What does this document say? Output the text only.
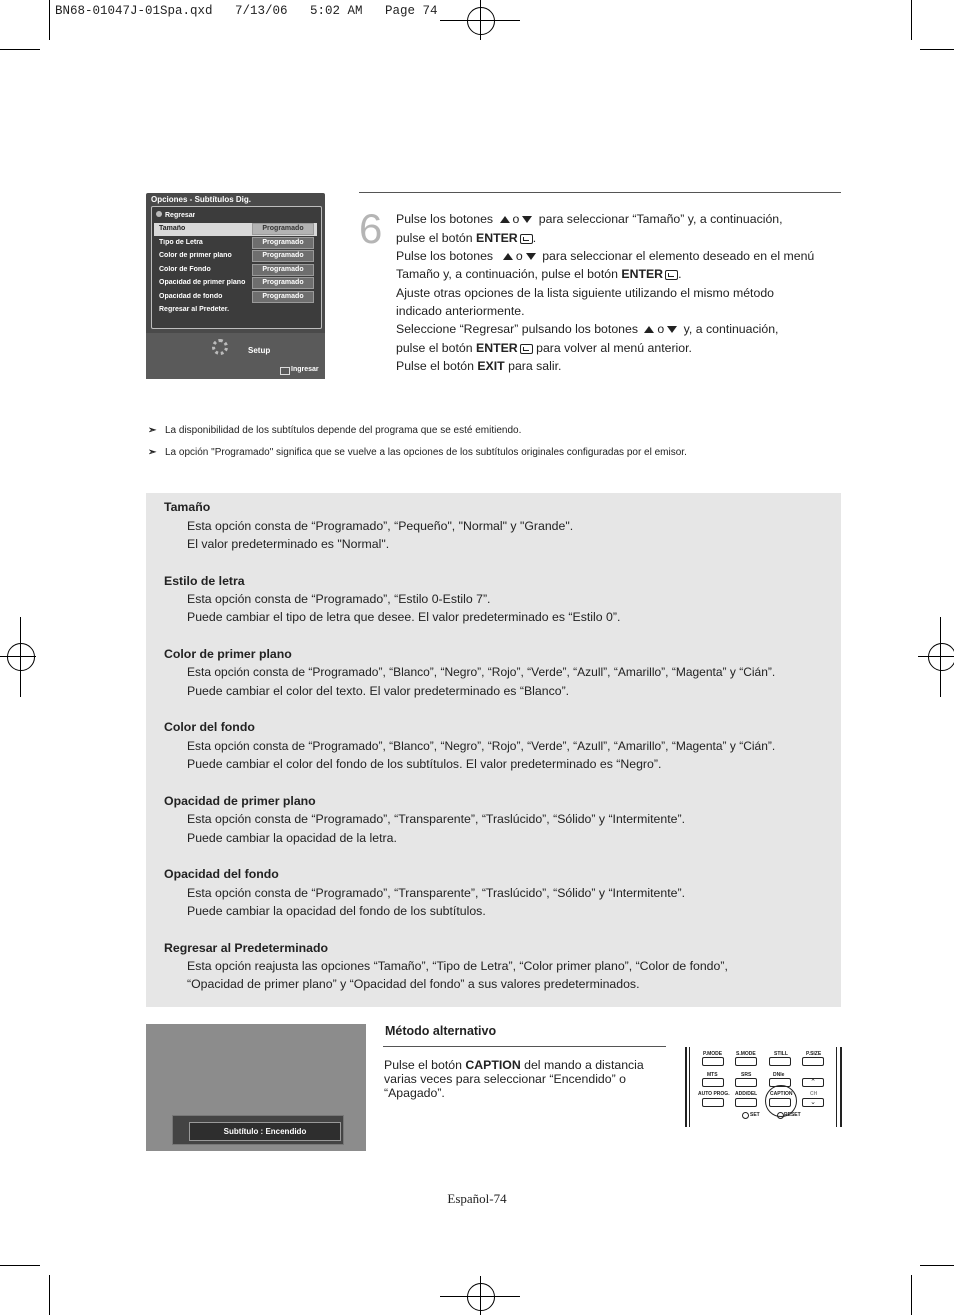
BN68-01047J-01Spa.qxd   7/13/06   5:02 AM   Page 74
Opciones - Subtítulos Dig.
Regresar
Tamaño	Programado
Tipo de Letra	Programado
Color de primer plano	Programado
Color de Fondo	Programado
Opacidad de primer plano	Programado
Opacidad de fondo	Programado
Regresar al Predeter.
Setup
Ingresar
6 Pulse los botones o para seleccionar “Tamaño” y, a continuación,
pulse el botón ENTER .
Pulse los botones o para seleccionar el elemento deseado en el menú
Tamaño y, a continuación, pulse el botón ENTER .
Ajuste otras opciones de la lista siguiente utilizando el mismo método
indicado anteriormente.
Seleccione “Regresar” pulsando los botones o y, a continuación,
pulse el botón ENTER para volver al menú anterior.
Pulse el botón EXIT para salir.
➣ La disponibilidad de los subtítulos depende del programa que se esté emitiendo.
➣ La opción "Programado" significa que se vuelve a las opciones de los subtítulos originales configuradas por el emisor.
Tamaño
Esta opción consta de “Programado”, “Pequeño", "Normal" y "Grande".
El valor predeterminado es "Normal".
Estilo de letra
Esta opción consta de “Programado”, “Estilo 0-Estilo 7”.
Puede cambiar el tipo de letra que desee. El valor predeterminado es “Estilo 0”.
Color de primer plano
Esta opción consta de “Programado”, “Blanco”, “Negro”, “Rojo”, “Verde”, “Azull”, “Amarillo”, “Magenta” y “Cián”.
Puede cambiar el color del texto. El valor predeterminado es “Blanco”.
Color del fondo
Esta opción consta de “Programado”, “Blanco”, “Negro”, “Rojo”, “Verde”, “Azull”, “Amarillo”, “Magenta” y “Cián”.
Puede cambiar el color del fondo de los subtítulos. El valor predeterminado es “Negro”.
Opacidad de primer plano
Esta opción consta de “Programado”, “Transparente”, “Traslúcido”, “Sólido” y “Intermitente”.
Puede cambiar la opacidad de la letra.
Opacidad del fondo
Esta opción consta de “Programado”, “Transparente”, “Traslúcido”, “Sólido” y “Intermitente”.
Puede cambiar la opacidad del fondo de los subtítulos.
Regresar al Predeterminado
Esta opción reajusta las opciones “Tamaño”, “Tipo de Letra”, “Color primer plano”, “Color de fondo”,
“Opacidad de primer plano” y “Opacidad del fondo” a sus valores predeterminados.
Subtítulo : Encendido
Método alternativo
Pulse el botón CAPTION del mando a distancia
varias veces para seleccionar “Encendido” o
“Apagado”.
P.MODE	S.MODE	STILL	P.SIZE
MTS	SRS	DNIe
⌃
AUTO PROG. ADD/DEL	CAPTION	CH
⌄
SET	RESET
Español-74
